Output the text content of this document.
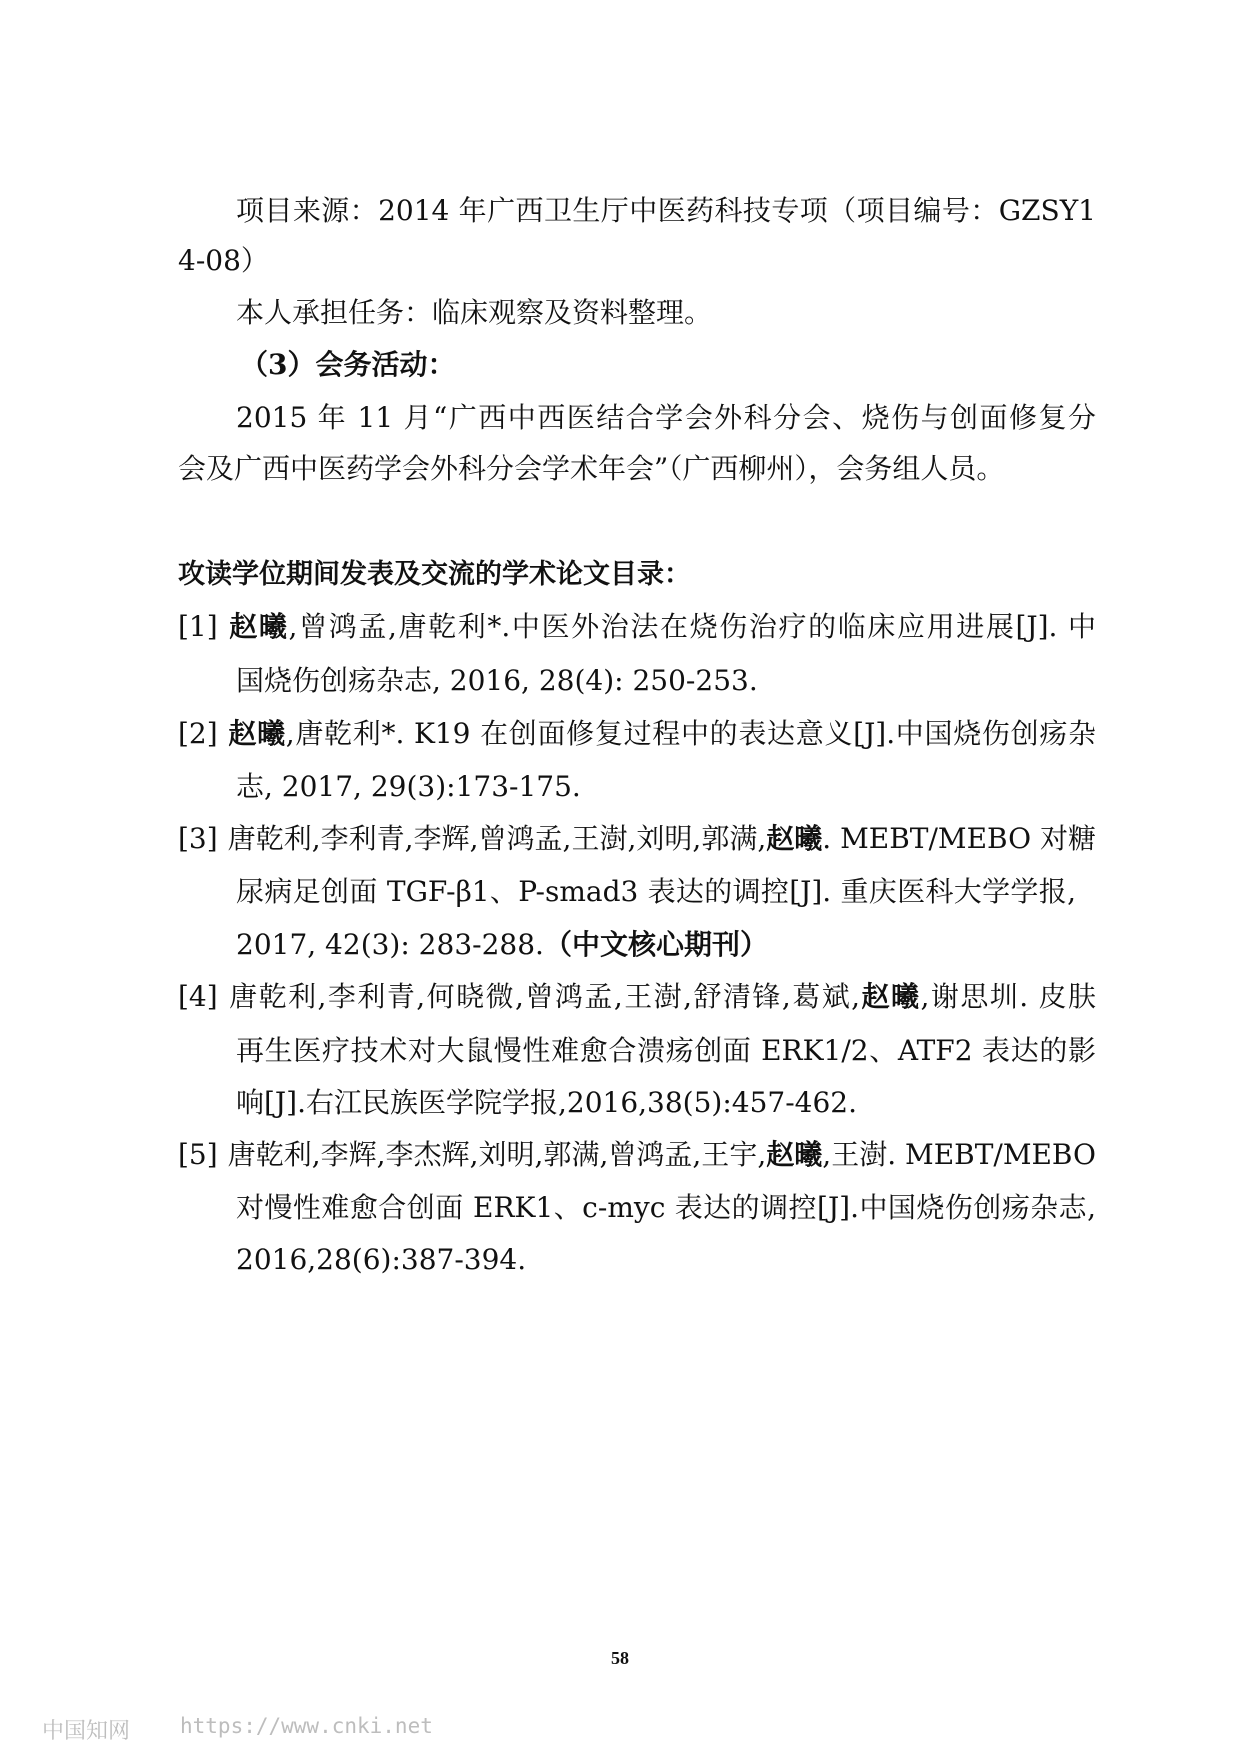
项目来源：2014 年广西卫生厅中医药科技专项（项目编号：GZSY1
4-08）
本人承担任务：临床观察及资料整理。
（3）会务活动：
2015 年 11 月“广西中西医结合学会外科分会、烧伤与创面修复分
会及广西中医药学会外科分会学术年会”（广西柳州），会务组人员。
攻读学位期间发表及交流的学术论文目录：
[1] 赵曦,曾鸿孟,唐乾利*.中医外治法在烧伤治疗的临床应用进展[J]. 中
国烧伤创疡杂志, 2016, 28(4): 250-253.
[2] 赵曦,唐乾利*. K19 在创面修复过程中的表达意义[J].中国烧伤创疡杂
志, 2017, 29(3):173-175.
[3] 唐乾利,李利青,李辉,曾鸿孟,王澍,刘明,郭满,赵曦. MEBT/MEBO 对糖
尿病足创面 TGF-β1、P-smad3 表达的调控[J]. 重庆医科大学学报,
2017, 42(3): 283-288.（中文核心期刊）
[4] 唐乾利,李利青,何晓微,曾鸿孟,王澍,舒清锋,葛斌,赵曦,谢思圳. 皮肤
再生医疗技术对大鼠慢性难愈合溃疡创面 ERK1/2、ATF2 表达的影
响[J].右江民族医学院学报,2016,38(5):457-462.
[5] 唐乾利,李辉,李杰辉,刘明,郭满,曾鸿孟,王宇,赵曦,王澍. MEBT/MEBO
对慢性难愈合创面 ERK1、c-myc 表达的调控[J].中国烧伤创疡杂志,
2016,28(6):387-394.
58
中国知网 https://www.cnki.net
